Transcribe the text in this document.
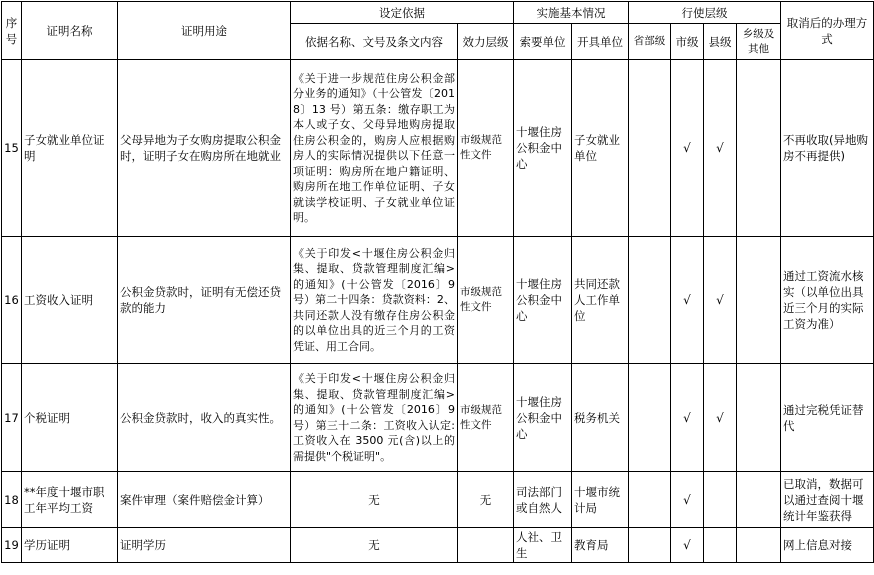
序号	证明名称	证明用途	设定依据		实施基本情况		行使层级				取消后的办理方式
			依据名称、文号及条文内容	效力层级	索要单位	开具单位	省部级	市级	县级	乡级及其他	
15	子女就业单位证明	父母异地为子女购房提取公积金时，证明子女在购房所在地就业	《关于进一步规范住房公积金部分业务的通知》（十公管发〔2018〕13 号）第五条：缴存职工为本人或子女、父母异地购房提取住房公积金的，购房人应根据购房人的实际情况提供以下任意一项证明：购房所在地户籍证明、购房所在地工作单位证明、子女就读学校证明、子女就业单位证明。	市级规范性文件	十堰住房公积金中心	子女就业单位		√	√		不再收取(异地购房不再提供)
16	工资收入证明	公积金贷款时，证明有无偿还贷款的能力	《关于印发<十堰住房公积金归集、提取、贷款管理制度汇编>的通知》(十公管发〔2016〕9 号）第二十四条：贷款资料：2、共同还款人没有缴存住房公积金的以单位出具的近三个月的工资凭证、用工合同。	市级规范性文件	十堰住房公积金中心	共同还款人工作单位		√	√		通过工资流水核实（以单位出具近三个月的实际工资为准）
17	个税证明	公积金贷款时，收入的真实性。	《关于印发<十堰住房公积金归集、提取、贷款管理制度汇编>的通知》(十公管发〔2016〕9 号）第三十二条：工资收入认定:工资收入在 3500 元(含)以上的需提供"个税证明"。	市级规范性文件	十堰住房公积金中心	税务机关		√	√		通过完税凭证替代
18	**年度十堰市职工年平均工资	案件审理（案件赔偿金计算）	无	无	司法部门或自然人	十堰市统计局		√			已取消，数据可以通过查阅十堰统计年鉴获得
19	学历证明	证明学历	无		人社、卫生	教育局		√			网上信息对接
